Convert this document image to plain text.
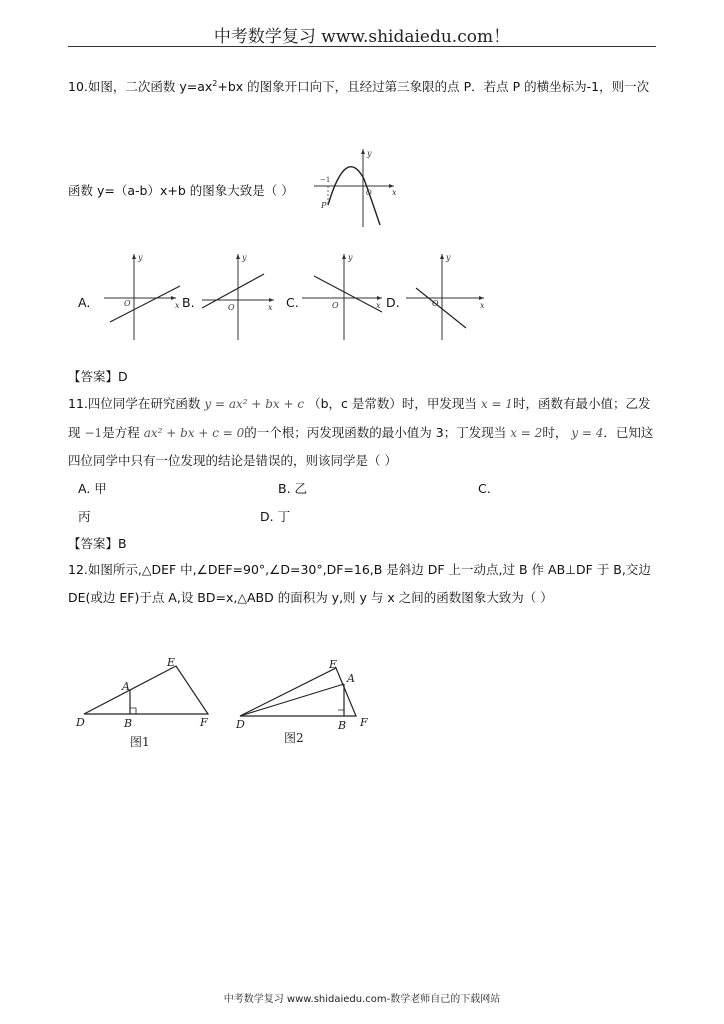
中考数学复习 www.shidaiedu.com！
10.如图，二次函数 $y=ax^2+bx$ 的图象开口向下，且经过第三象限的点 P．若点 P 的横坐标为-1，则一次
函数 y=（a-b）x+b 的图象大致是（ ）
y
x
−1
P
O
A.
y
x
O	B.
y
x
O	C.
y
x
O	D.
y
x
O
【答案】D
11.四位同学在研究函数 y = ax² + bx + c （b，c 是常数）时，甲发现当 x = 1时，函数有最小值；乙发
现 −1是方程 ax² + bx + c = 0的一个根；丙发现函数的最小值为 3；丁发现当 x = 2时， y = 4．已知这
四位同学中只有一位发现的结论是错误的，则该同学是（ ）
A. 甲	B. 乙	C.
丙	D. 丁
【答案】B
12.如图所示,△DEF 中,∠DEF=90°,∠D=30°,DF=16,B 是斜边 DF 上一动点,过 B 作 AB⊥DF 于 B,交边
DE(或边 EF)于点 A,设 BD=x,△ABD 的面积为 y,则 y 与 x 之间的函数图象大致为（ ）
D
E
A
B	F
图1
D
E
A
B F
图2
中考数学复习 www.shidaiedu.com-数学老师自己的下载网站
